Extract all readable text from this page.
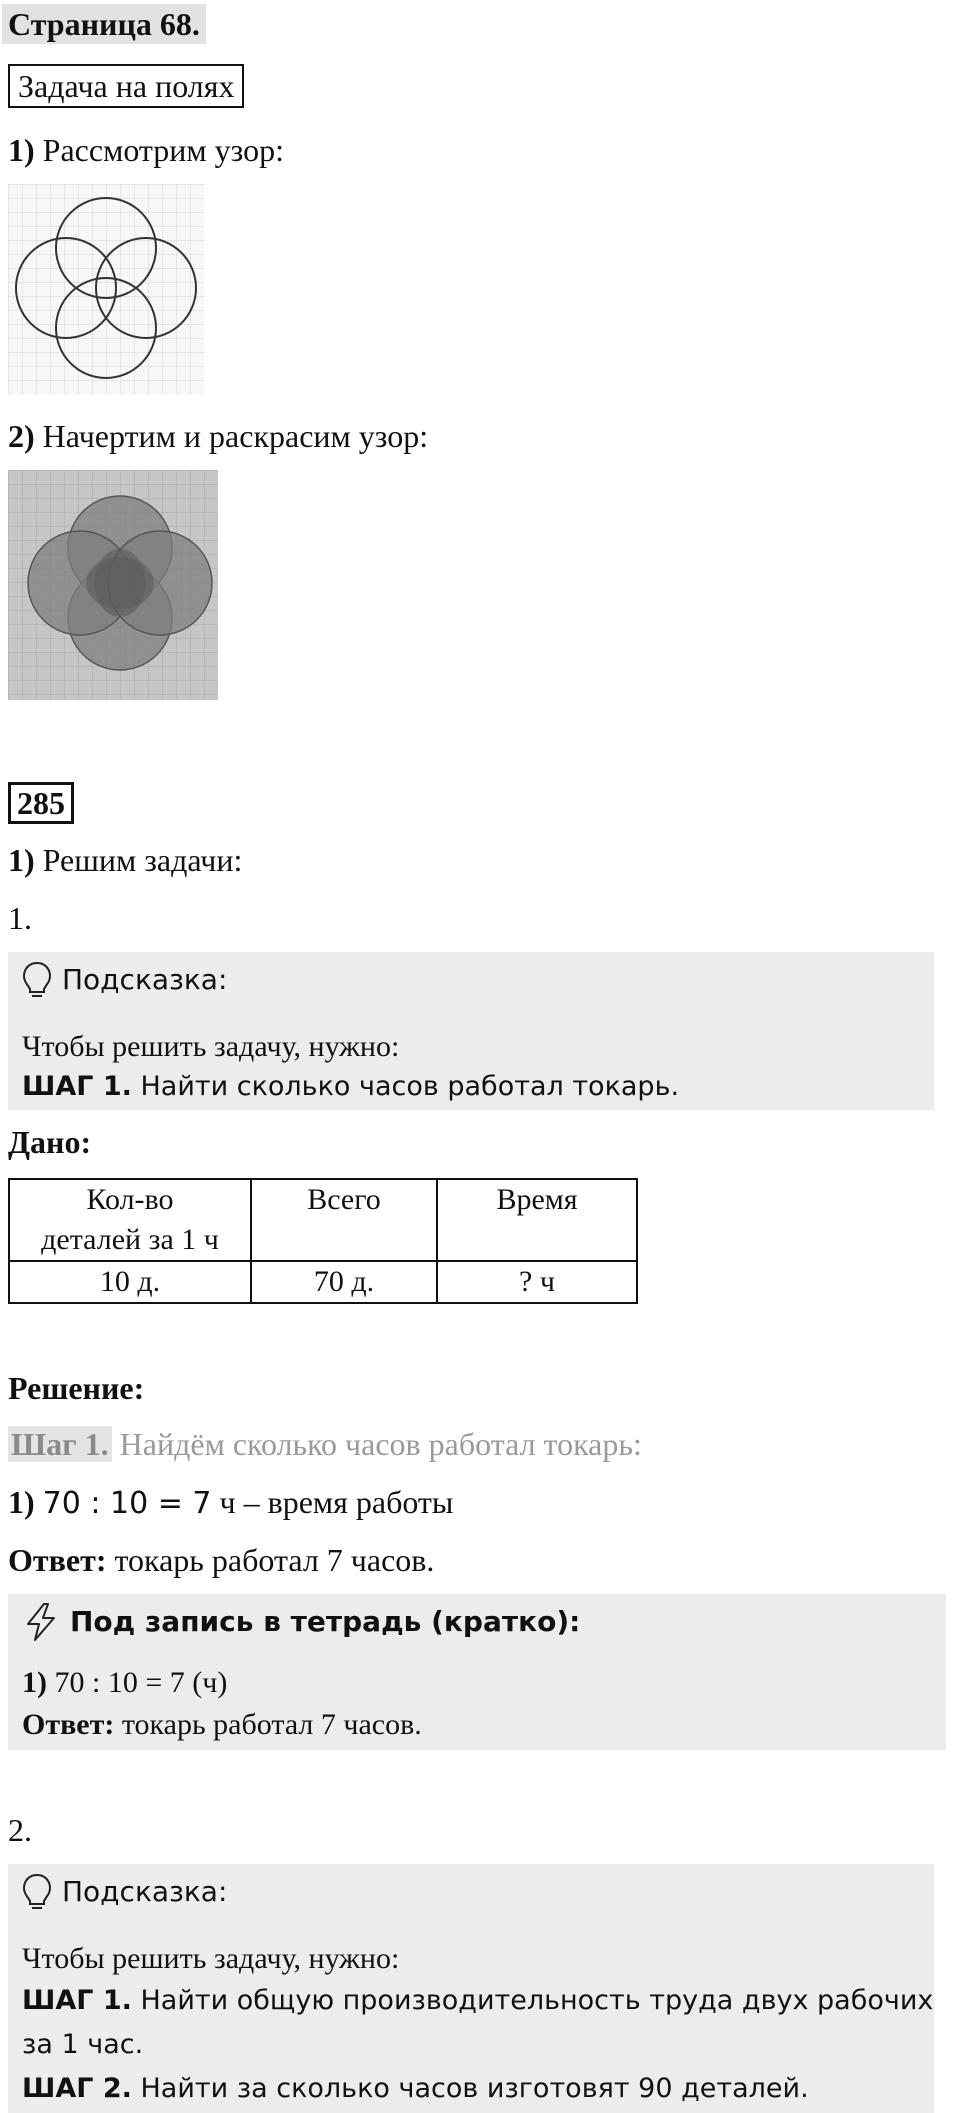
Страница 68.
Задача на полях
1) Рассмотрим узор:
2) Начертим и раскрасим узор:
285
1) Решим задачи:
1.
Подсказка:
Чтобы решить задачу, нужно:
ШАГ 1. Найти сколько часов работал токарь.
Дано:
Кол-во
деталей за 1 ч	Всего	Время
10 д.	70 д.	? ч
Решение:
Шаг 1. Найдём сколько часов работал токарь:
1) 70 : 10 = 7 ч – время работы
Ответ: токарь работал 7 часов.
Под запись в тетрадь (кратко):
1) 70 : 10 = 7 (ч)
Ответ: токарь работал 7 часов.
2.
Подсказка:
Чтобы решить задачу, нужно:
ШАГ 1. Найти общую производительность труда двух рабочих
за 1 час.
ШАГ 2. Найти за сколько часов изготовят 90 деталей.
